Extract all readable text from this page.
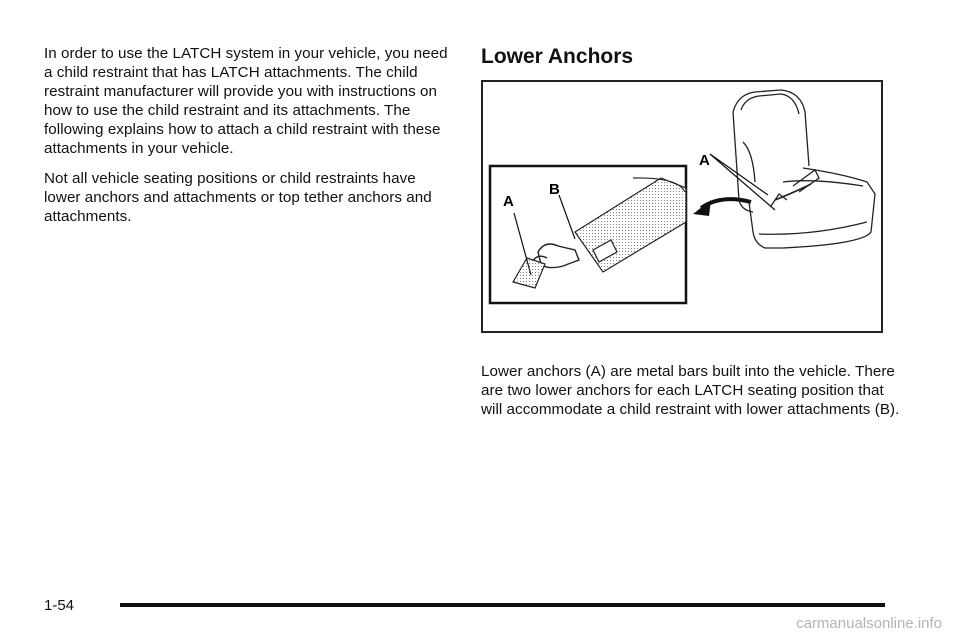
In order to use the LATCH system in your vehicle, you need a child restraint that has LATCH attachments. The child restraint manufacturer will provide you with instructions on how to use the child restraint and its attachments. The following explains how to attach a child restraint with these attachments in your vehicle.

Not all vehicle seating positions or child restraints have lower anchors and attachments or top tether anchors and attachments.

Lower Anchors
A
B
A

Lower anchors (A) are metal bars built into the vehicle. There are two lower anchors for each LATCH seating position that will accommodate a child restraint with lower attachments (B).

1-54
carmanualsonline.info
